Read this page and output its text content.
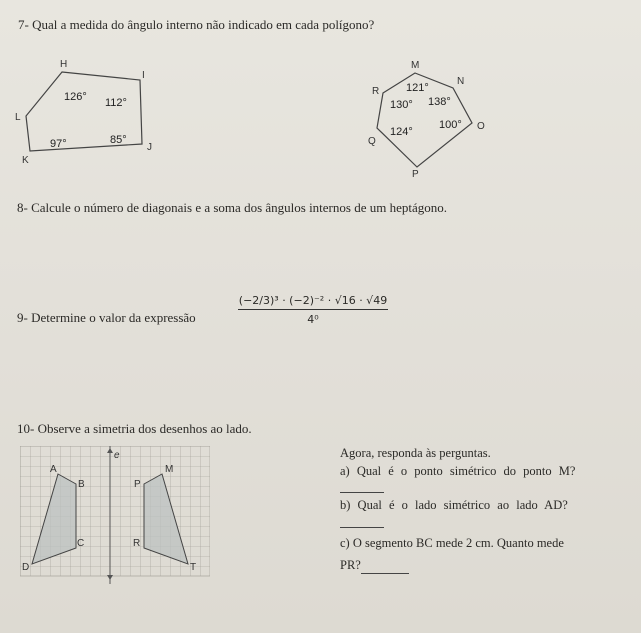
7- Qual a medida do ângulo interno não indicado em cada polígono?
H
I
J
K
L
126° 112°
97°	85°
M
N
O
P
Q
R 121°
130° 138°
100°
124°
8- Calcule o número de diagonais e a soma dos ângulos internos de um heptágono.
9- Determine o valor da expressão	$\frac{\text{(−2/3)³ · (−2)⁻² · √16 · √49}}{\text{4⁰}}$
10- Observe a simetria dos desenhos ao lado.
e
A
B
C
D
M
P
R
T
Agora, responda às perguntas.
a) Qual é o ponto simétrico do ponto M?
b) Qual é o lado simétrico ao lado AD?
c) O segmento BC mede 2 cm. Quanto mede
PR?
